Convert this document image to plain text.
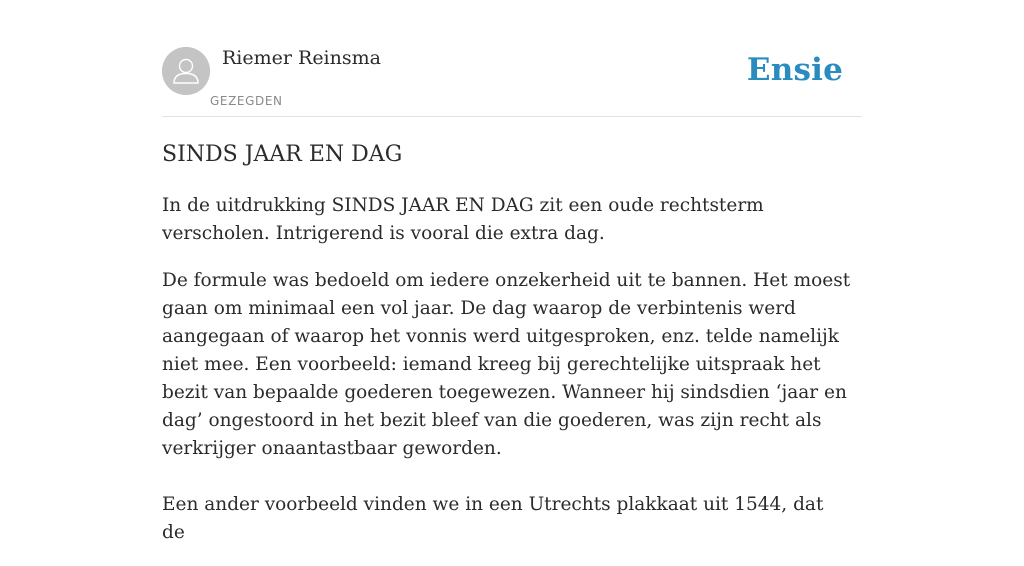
Riemer Reinsma
GEZEGDEN
Ensie
SINDS JAAR EN DAG

In de uitdrukking SINDS JAAR EN DAG zit een oude rechtsterm verscholen. Intrigerend is vooral die extra dag.

De formule was bedoeld om iedere onzekerheid uit te bannen. Het moest gaan om minimaal een vol jaar. De dag waarop de verbintenis werd aangegaan of waarop het vonnis werd uitgesproken, enz. telde namelijk niet mee. Een voorbeeld: iemand kreeg bij gerechtelijke uitspraak het bezit van bepaalde goederen toegewezen. Wanneer hij sindsdien ‘jaar en dag’ ongestoord in het bezit bleef van die goederen, was zijn recht als verkrijger onaantastbaar geworden.

Een ander voorbeeld vinden we in een Utrechts plakkaat uit 1544, dat de
